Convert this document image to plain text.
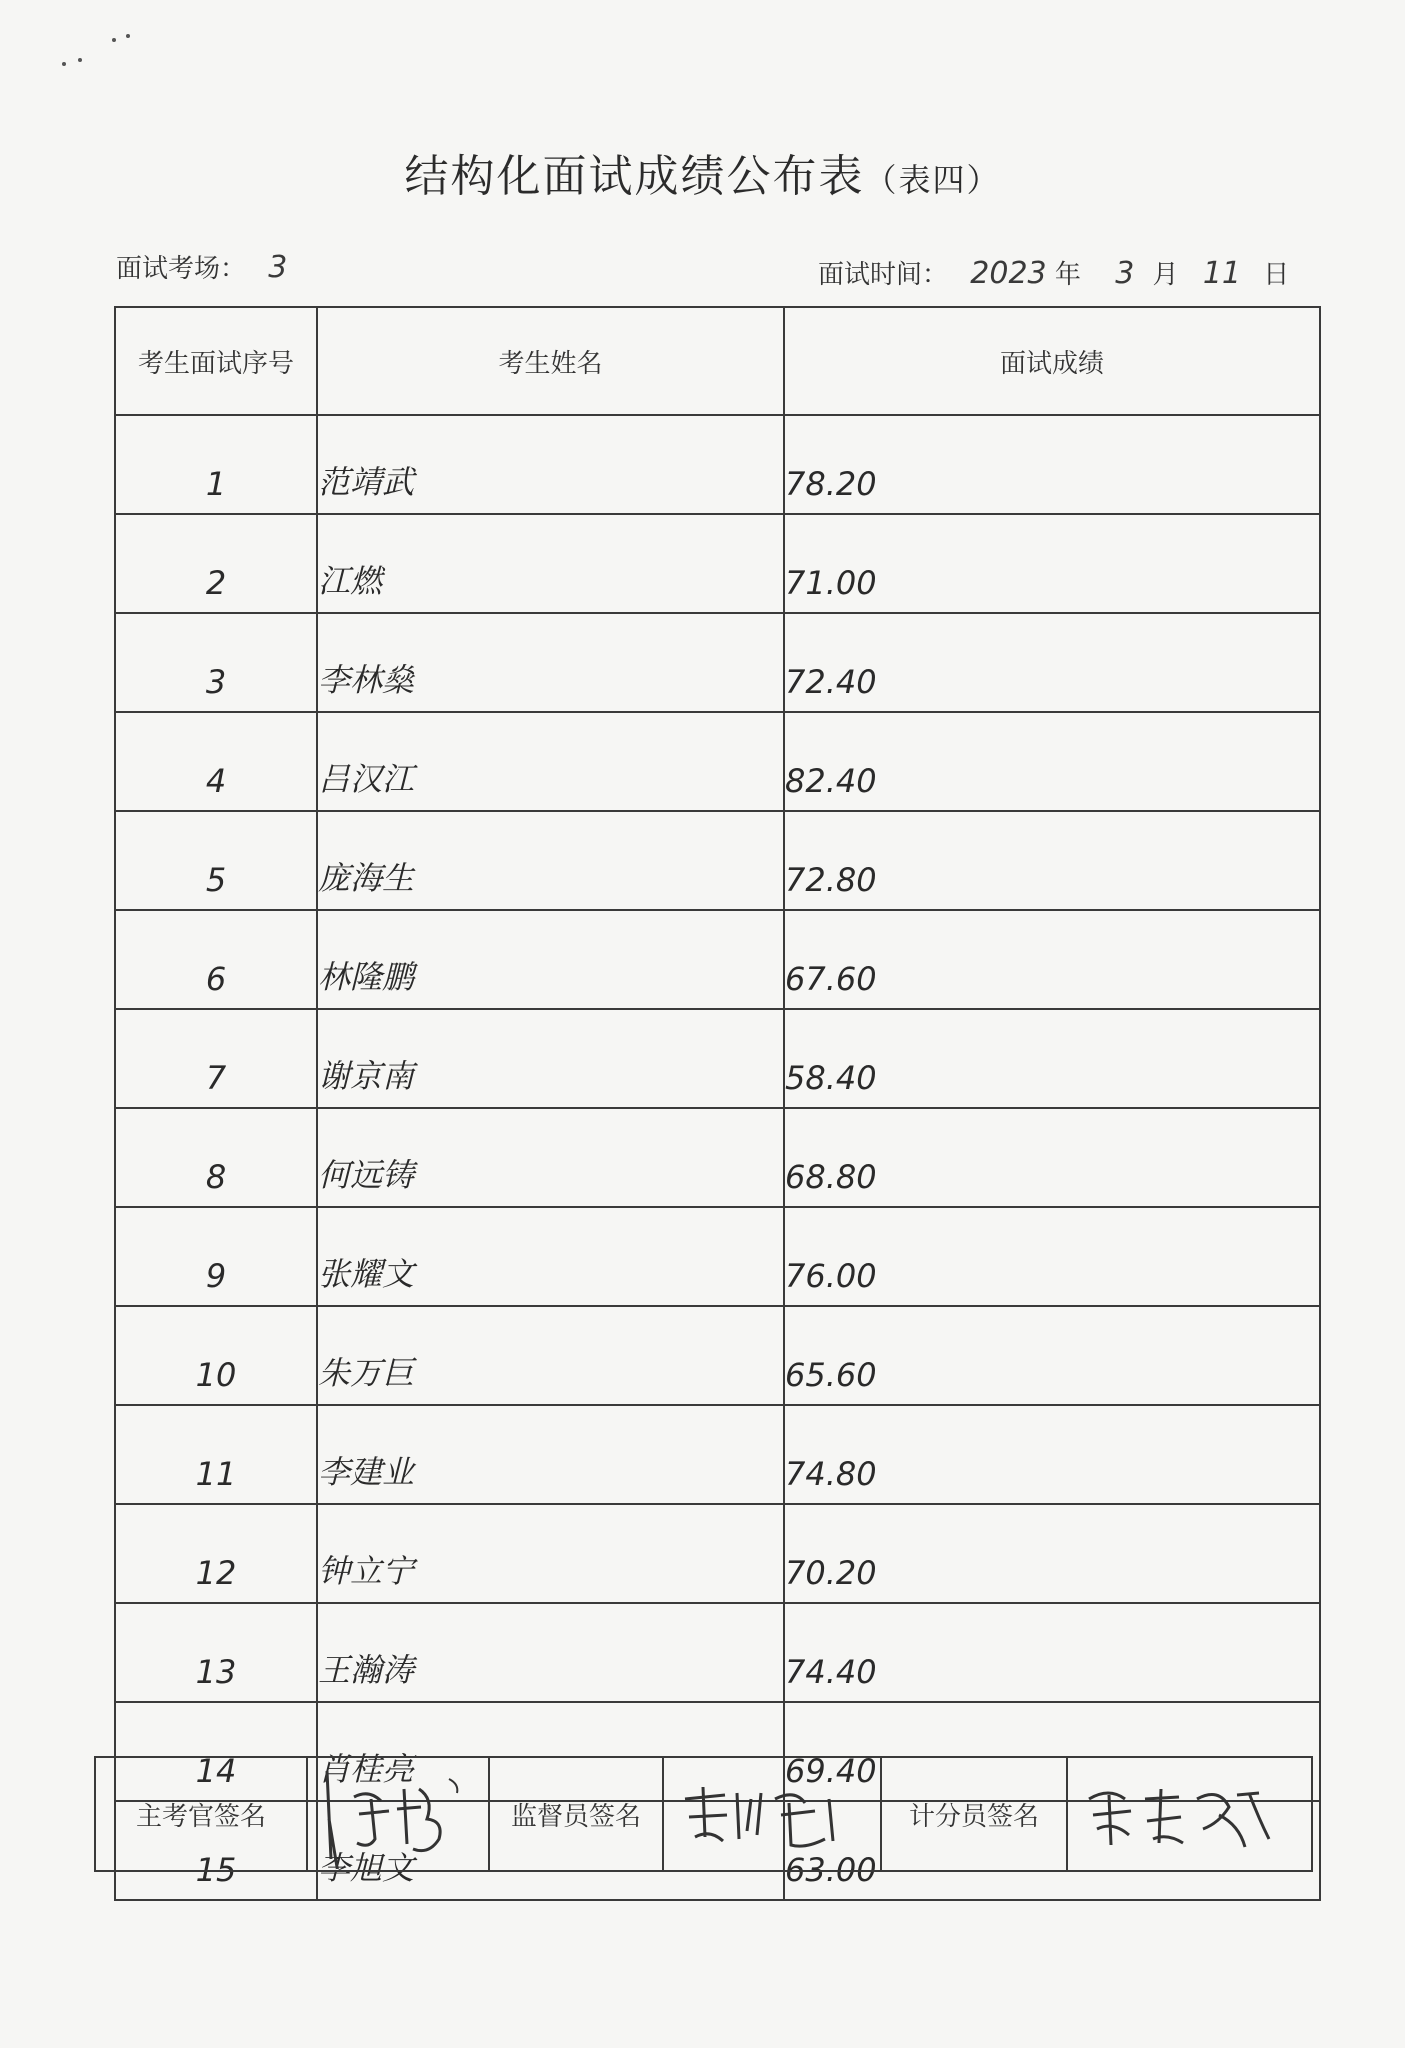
结构化面试成绩公布表（表四）
面试考场： 3	面试时间： 2023 年 3 月 11 日
考生面试序号	考生姓名	面试成绩
1	范靖武	78.20
2	江燃	71.00
3	李林燊	72.40
4	吕汉江	82.40
5	庞海生	72.80
6	林隆鹏	67.60
7	谢京南	58.40
8	何远铸	68.80
9	张耀文	76.00
10	朱万巨	65.60
11	李建业	74.80
12	钟立宁	70.20
13	王瀚涛	74.40
14	肖桂亮	69.40
15	李旭文	63.00
主考官签名		监督员签名		计分员签名	
